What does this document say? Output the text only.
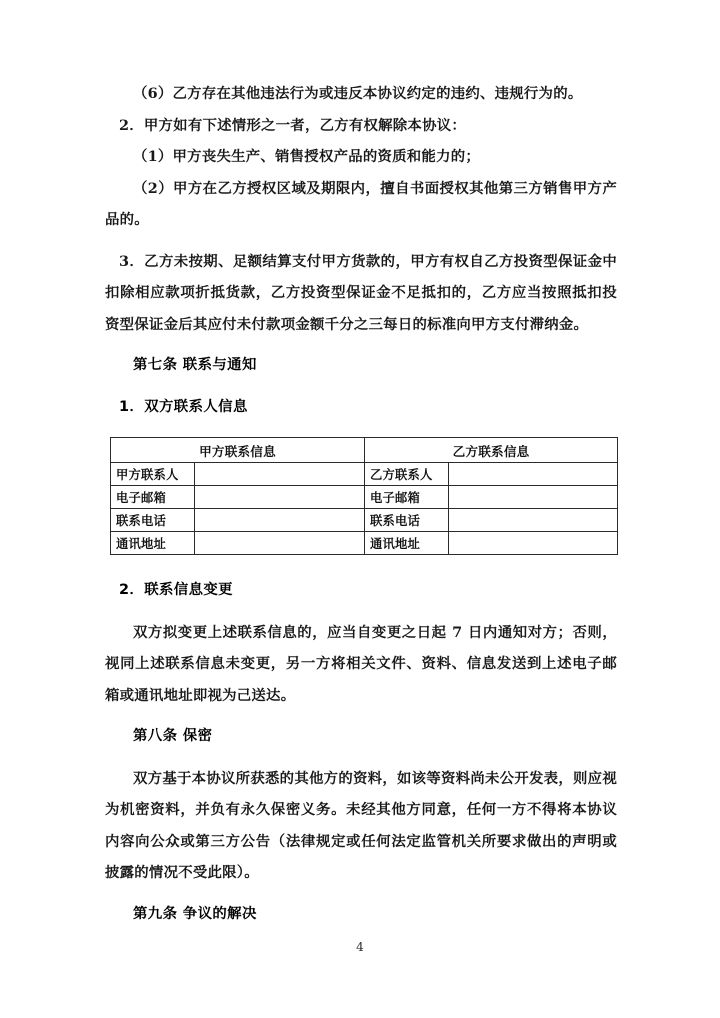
（6）乙方存在其他违法行为或违反本协议约定的违约、违规行为的。

2．甲方如有下述情形之一者，乙方有权解除本协议：

（1）甲方丧失生产、销售授权产品的资质和能力的；

（2）甲方在乙方授权区域及期限内，擅自书面授权其他第三方销售甲方产品的。

3．乙方未按期、足额结算支付甲方货款的，甲方有权自乙方投资型保证金中扣除相应款项折抵货款，乙方投资型保证金不足抵扣的，乙方应当按照抵扣投资型保证金后其应付未付款项金额千分之三每日的标准向甲方支付滞纳金。

第七条 联系与通知

1．双方联系人信息

甲方联系信息		乙方联系信息	
甲方联系人		乙方联系人	
电子邮箱		电子邮箱	
联系电话		联系电话	
通讯地址		通讯地址	

2．联系信息变更

双方拟变更上述联系信息的，应当自变更之日起 7 日内通知对方；否则，视同上述联系信息未变更，另一方将相关文件、资料、信息发送到上述电子邮箱或通讯地址即视为己送达。

第八条 保密

双方基于本协议所获悉的其他方的资料，如该等资料尚未公开发表，则应视为机密资料，并负有永久保密义务。未经其他方同意，任何一方不得将本协议内容向公众或第三方公告（法律规定或任何法定监管机关所要求做出的声明或披露的情况不受此限）。

第九条 争议的解决

4
